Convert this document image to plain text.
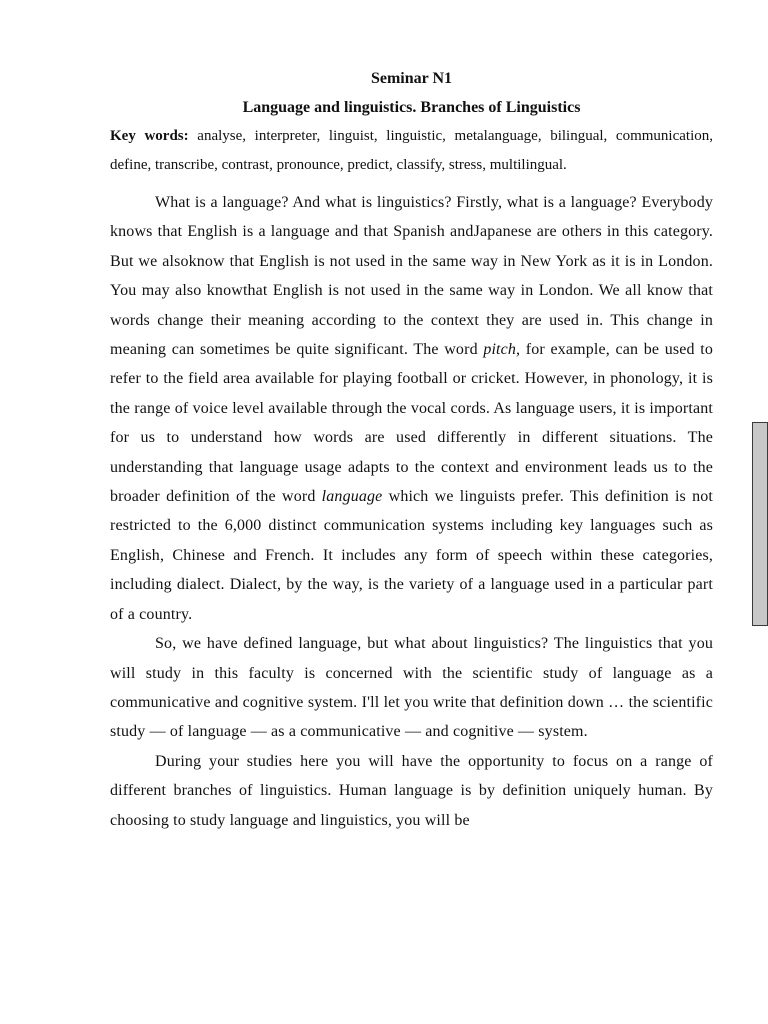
Seminar N1
Language and linguistics. Branches of Linguistics

Key words: analyse, interpreter, linguist, linguistic, metalanguage, bilingual, communication, define, transcribe, contrast, pronounce, predict, classify, stress, multilingual.

What is a language? And what is linguistics? Firstly, what is a language? Everybody knows that English is a language and that Spanish andJapanese are others in this category. But we alsoknow that English is not used in the same way in New York as it is in London. You may also knowthat English is not used in the same way in London. We all know that words change their meaning according to the context they are used in. This change in meaning can sometimes be quite significant. The word pitch, for example, can be used to refer to the field area available for playing football or cricket. However, in phonology, it is the range of voice level available through the vocal cords. As language users, it is important for us to understand how words are used differently in different situations. The understanding that language usage adapts to the context and environment leads us to the broader definition of the word language which we linguists prefer. This definition is not restricted to the 6,000 distinct communication systems including key languages such as English, Chinese and French. It includes any form of speech within these categories, including dialect. Dialect, by the way, is the variety of a language used in a particular part of a country.

So, we have defined language, but what about linguistics? The linguistics that you will study in this faculty is concerned with the scientific study of language as a communicative and cognitive system. I'll let you write that definition down … the scientific study — of language — as a communicative — and cognitive — system.

During your studies here you will have the opportunity to focus on a range of different branches of linguistics. Human language is by definition uniquely human. By choosing to study language and linguistics, you will be
